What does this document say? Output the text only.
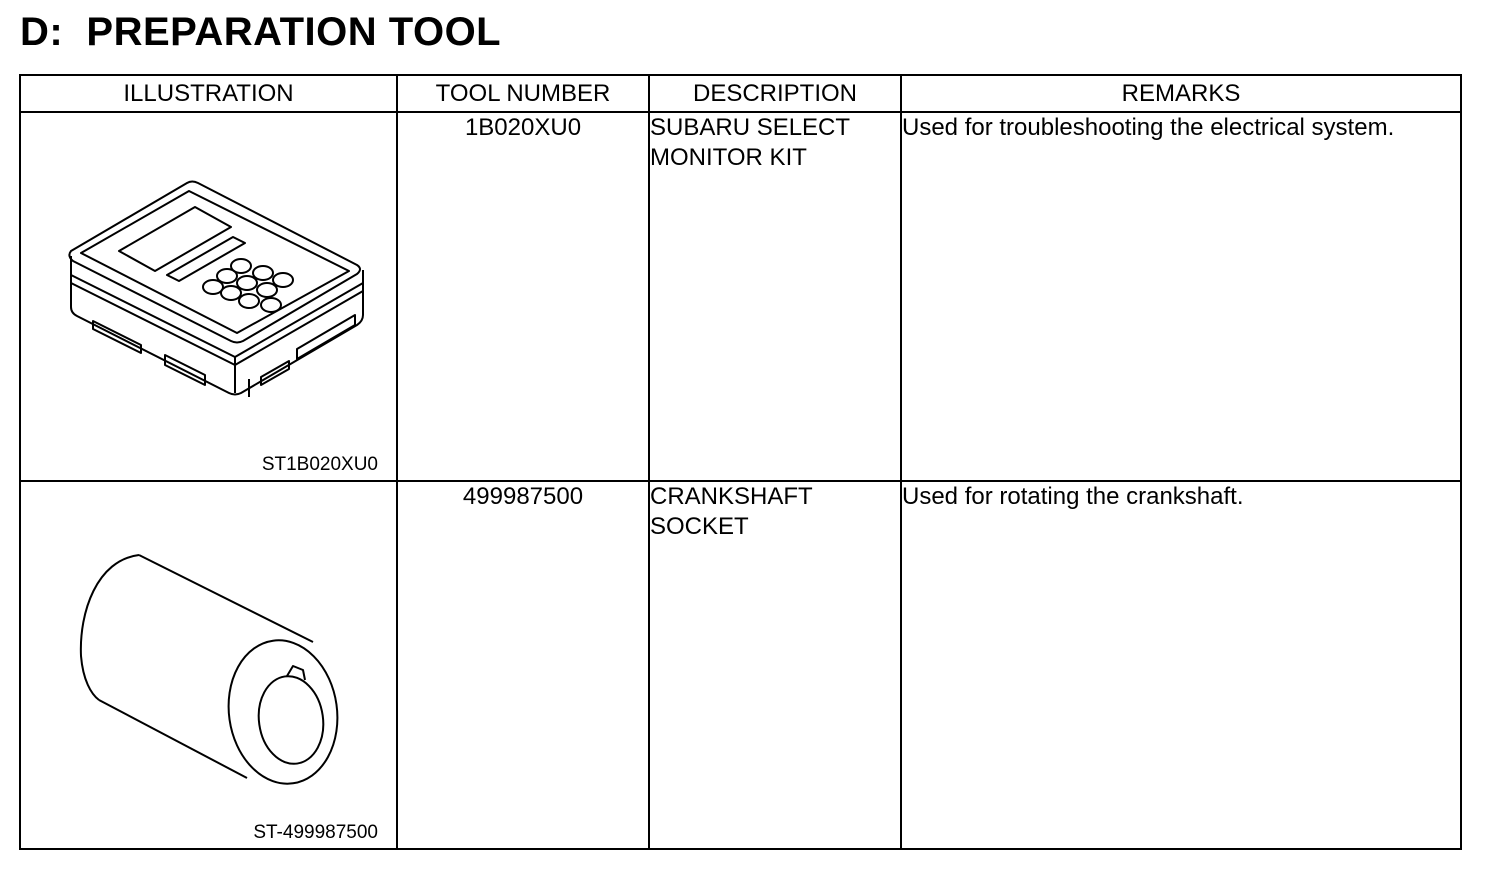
D:  PREPARATION TOOL
ILLUSTRATION	TOOL NUMBER	DESCRIPTION	REMARKS

ST1B020XU0	1B020XU0	SUBARU SELECT MONITOR KIT	Used for troubleshooting the electrical system.

ST-499987500	499987500	CRANKSHAFT SOCKET	Used for rotating the crankshaft.
